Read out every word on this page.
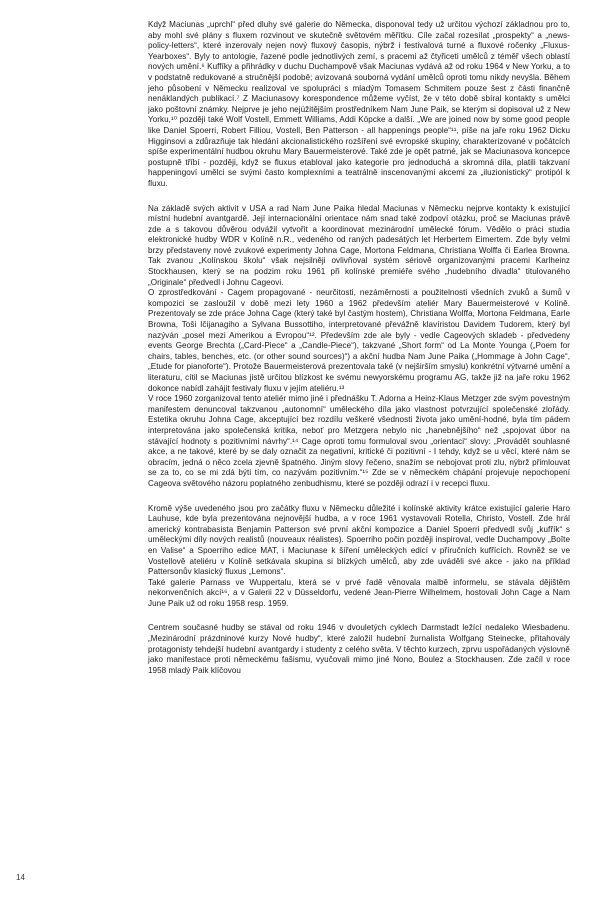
Když Maciunas „uprchl“ před dluhy své galerie do Německa, disponoval tedy už určitou výchozí základnou pro to, aby mohl své plány s fluxem rozvinout ve skutečně světovém měřítku. Cíle začal rozesílat „prospekty“ a „news-policy-letters“, které inzerovaly nejen nový fluxový časopis, nýbrž i festivalová turné a fluxové ročenky „Fluxus-Yearboxes“. Byly to antologie, řazené podle jednotlivých zemí, s pracemi až čtyřiceti umělců z téměř všech oblastí nových umění.⁶ Kuffíky a přihrádky v duchu Duchampově však Maciunas vydává až od roku 1964 v New Yorku, a to v podstatně redukované a stručnější podobě; avizovaná souborná vydání umělců oproti tomu nikdy nevyšla. Během jeho působení v Německu realizoval ve spolupráci s mladým Tomasem Schmitem pouze šest z části finančně nenáklandých publikací.⁷ Z Maciunasovy korespondence můžeme vyčíst, že v této době sbíral kontakty s umělci jako poštovní známky. Nejprve je jeho nejúžitějším prostředníkem Nam June Paik, se kterým si dopisoval už z New Yorku,¹⁰ později také Wolf Vostell, Emmett Williams, Addi Köpcke a další. „We are joined now by some good people like Daniel Spoerri, Robert Filliou, Vostell, Ben Patterson - all happenings people“¹¹, píše na jaře roku 1962 Dicku Higginsovi a zdůrazňuje tak hledání akcionalistického rozšíření své evropské skupiny, charakterizované v počátcích spíše experimentální hudbou okruhu Mary Bauermeisterové. Také zde je opět patrné, jak se Maciunasova koncepce postupně tříbí - později, když se fluxus etabloval jako kategorie pro jednoduchá a skromná díla, platili takzvaní happeningoví umělci se svými často komplexními a teatrálně inscenovanými akcemi za „iluzionistický“ protipól k fluxu.

Na základě svých aktivit v USA a rad Nam June Paika hledal Maciunas v Německu nejprve kontakty k existující místní hudební avantgardě. Její internacionální orientace nám snad také zodpoví otázku, proč se Maciunas právě zde a s takovou důvěrou odvážil vytvořit a koordinovat mezinárodní umělecké fórum. Vědělo o práci studia elektronické hudby WDR v Kolíně n.R., vedeného od raných padesátých let Herbertem Eimertem. Zde byly velmi brzy představeny nové zvukové experimenty Johna Cage, Mortona Feldmana, Christiana Wolffa či Earlea Browna. Tak zvanou „Kolínskou školu“ však nejsilněji ovlivňoval systém sériově organizovanými pracemi Karlheinz Stockhausen, který se na podzim roku 1961 při kolínské premiéře svého „hudebního divadla“ titulovaného „Originale“ předvedl i Johnu Cageovi.

O zprostředkování - Cagem propagované - neurčitosti, nezáměrnosti a použitelnosti všedních zvuků a šumů v kompozici se zasloužil v době mezi lety 1960 a 1962 především ateliér Mary Bauermeisterové v Kolíně. Prezentovaly se zde práce Johna Cage (který také byl častým hostem), Christiana Wolffa, Mortona Feldmana, Earle Browna, Toši Ičijanagiho a Sylvana Bussottiho, interpretované převážně klavíristou Davidem Tudorem, který byl nazýván „posel mezi Amerikou a Evropou“¹². Především zde ale byly - vedle Cageových skladeb - předvedeny events George Brechta („Card-Piece“ a „Candle-Piece“), takzvané „Short form“ od La Monte Younga („Poem for chairs, tables, benches, etc. (or other sound sources)“) a akční hudba Nam June Paika („Hommage à John Cage“, „Etude for pianoforte“). Protože Bauermeisterová prezentovala také (v nejširším smyslu) konkrétní výtvarné umění a literaturu, cítil se Maciunas jistě určitou blízkost ke svému newyorskému programu AG, takže již na jaře roku 1962 dokonce nabídl zahájit festivaly fluxu v jejím ateliéru.¹³

V roce 1960 zorganizoval tento ateliér mimo jiné i přednášku T. Adorna a Heinz-Klaus Metzger zde svým povestným manifestem denuncoval takzvanou „autonomní“ uměleckého díla jako vlastnost potvrzující společenské zlořády. Estetika okruhu Johna Cage, akceptující bez rozdílu veškeré všednosti života jako umění-hodné, byla tím pádem interpretována jako společenská kritika, neboť pro Metzgera nebylo nic „hanebnějšího“ než „spojovat úbor na stávající hodnoty s pozitivními návrhy“.¹⁴ Cage oproti tomu formuloval svou „orientaci“ slovy: „Provádět souhlasné akce, a ne takové, které by se daly označit za negativní, kritické či pozitivní - I tehdy, když se u věcí, které nám se obracím, jedná o něco zcela zjevně špatného. Jiným slovy řečeno, snažím se nebojovat proti zlu, nýbrž přimlouvat se za to, co se mi zdá býti tím, co nazývám pozitivním.“¹⁵ Zde se v německém chápání projevuje nepochopení Cageova světového názoru poplatného zenbudhismu, které se později odrazí i v recepci fluxu.

Kromě výše uvedeného jsou pro začátky fluxu v Německu důležité i kolínské aktivity krátce existující galerie Haro Lauhuse, kde byla prezentována nejnovější hudba, a v roce 1961 vystavovali Rotella, Christo, Vostell. Zde hrál americký kontrabasista Benjamin Patterson své první akční kompozice a Daniel Spoerri předvedl svůj „kufřík“ s uměleckými díly nových realistů (nouveaux réalistes). Spoerriho počin později inspiroval, vedle Duchampovy „Boîte en Valise“ a Spoerriho edice MAT, i Maciunase k šíření uměleckých edicí v příručních kufřících. Rovněž se ve Vostellově ateliéru v Kolíně setkávala skupina si blízkých umělců, aby zde uváděli své akce - jako na příklad Pattersonův klasický fluxus „Lemons“.

Také galerie Parnass ve Wuppertalu, která se v prvé řadě věnovala malbě informelu, se stávala dějištěm nekonvenčních akcí¹⁶, a v Galerii 22 v Düsseldorfu, vedené Jean-Pierre Wilhelmem, hostovali John Cage a Nam June Paik už od roku 1958 resp. 1959.

Centrem současné hudby se stával od roku 1946 v dvouletých cyklech Darmstadt ležící nedaleko Wiesbadenu. „Mezinárodní prázdninové kurzy Nové hudby“, které založil hudební žurnalista Wolfgang Steinecke, přitahovaly protagonisty tehdejší hudební avantgardy i studenty z celého světa. V těchto kurzech, zprvu uspořádaných výslovně jako manifestace proti německému fašismu, vyučovali mimo jiné Nono, Boulez a Stockhausen. Zde začíl v roce 1958 mladý Paik klíčovou

14
